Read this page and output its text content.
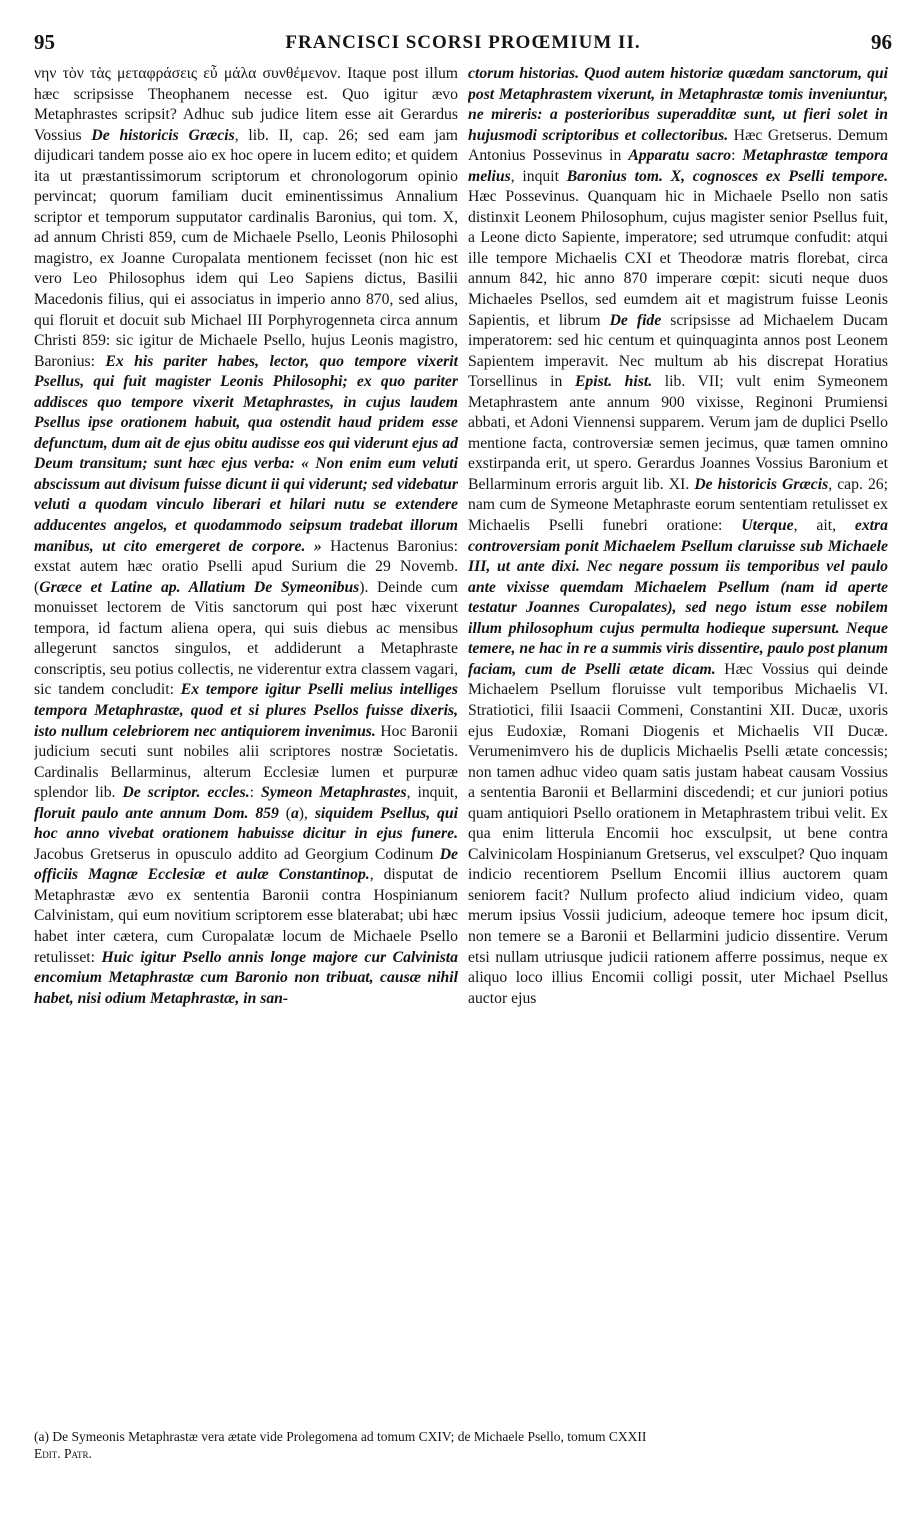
95	FRANCISCI SCORSI PROŒMIUM II.	96

νην τὸν τὰς μεταφράσεις εὖ μάλα συνθέμενον. Itaque post illum hæc scripsisse Theophanem necesse est. Quo igitur ævo Metaphrastes scripsit? Adhuc sub judice litem esse ait Gerardus Vossius De historicis Græcis, lib. II, cap. 26; sed eam jam dijudicari tandem posse aio ex hoc opere in lucem edito; et quidem ita ut præstantissimorum scriptorum et chronologorum opinio pervincat; quorum familiam ducit eminentissimus Annalium scriptor et temporum supputator cardinalis Baronius, qui tom. X, ad annum Christi 859, cum de Michaele Psello, Leonis Philosophi magistro, ex Joanne Curopalata mentionem fecisset (non hic est vero Leo Philosophus idem qui Leo Sapiens dictus, Basilii Macedonis filius, qui ei associatus in imperio anno 870, sed alius, qui floruit et docuit sub Michael III Porphyrogenneta circa annum Christi 859: sic igitur de Michaele Psello, hujus Leonis magistro, Baronius: Ex his pariter habes, lector, quo tempore vixerit Psellus, qui fuit magister Leonis Philosophi; ex quo pariter addisces quo tempore vixerit Metaphrastes, in cujus laudem Psellus ipse orationem habuit, qua ostendit haud pridem esse defunctum, dum ait de ejus obitu audisse eos qui viderunt ejus ad Deum transitum; sunt hæc ejus verba: « Non enim eum veluti abscissum aut divisum fuisse dicunt ii qui viderunt; sed videbatur veluti a quodam vinculo liberari et hilari nutu se extendere adducentes angelos, et quodammodo seipsum tradebat illorum manibus, ut cito emergeret de corpore. » Hactenus Baronius: exstat autem hæc oratio Pselli apud Surium die 29 Novemb. (Græce et Latine ap. Allatium De Symeonibus). Deinde cum monuisset lectorem de Vitis sanctorum qui post hæc vixerunt tempora, id factum aliena opera, qui suis diebus ac mensibus allegerunt sanctos singulos, et addiderunt a Metaphraste conscriptis, seu potius collectis, ne viderentur extra classem vagari, sic tandem concludit: Ex tempore igitur Pselli melius intelliges tempora Metaphrastæ, quod et si plures Psellos fuisse dixeris, isto nullum celebriorem nec antiquiorem invenimus. Hoc Baronii judicium secuti sunt nobiles alii scriptores nostræ Societatis. Cardinalis Bellarminus, alterum Ecclesiæ lumen et purpuræ splendor lib. De scriptor. eccles.: Symeon Metaphrastes, inquit, floruit paulo ante annum Dom. 859 (a), siquidem Psellus, qui hoc anno vivebat orationem habuisse dicitur in ejus funere. Jacobus Gretserus in opusculo addito ad Georgium Codinum De officiis Magnæ Ecclesiæ et aulæ Constantinop., disputat de Metaphrastæ ævo ex sententia Baronii contra Hospinianum Calvinistam, qui eum novitium scriptorem esse blaterabat; ubi hæc habet inter cætera, cum Curopalatæ locum de Michaele Psello retulisset: Huic igitur Psello annis longe majore cur Calvinista encomium Metaphrastæ cum Baronio non tribuat, causæ nihil habet, nisi odium Metaphrastæ, in san-

ctorum historias. Quod autem historiæ quædam sanctorum, qui post Metaphrastem vixerunt, in Metaphrastæ tomis inveniuntur, ne mireris: a posterioribus superadditæ sunt, ut fieri solet in hujusmodi scriptoribus et collectoribus. Hæc Gretserus. Demum Antonius Possevinus in Apparatu sacro: Metaphrastæ tempora melius, inquit Baronius tom. X, cognosces ex Pselli tempore. Hæc Possevinus. Quanquam hic in Michaele Psello non satis distinxit Leonem Philosophum, cujus magister senior Psellus fuit, a Leone dicto Sapiente, imperatore; sed utrumque confudit: atqui ille tempore Michaelis CXI et Theodoræ matris florebat, circa annum 842, hic anno 870 imperare cœpit: sicuti neque duos Michaeles Psellos, sed eumdem ait et magistrum fuisse Leonis Sapientis, et librum De fide scripsisse ad Michaelem Ducam imperatorem: sed hic centum et quinquaginta annos post Leonem Sapientem imperavit. Nec multum ab his discrepat Horatius Torsellinus in Epist. hist. lib. VII; vult enim Symeonem Metaphrastem ante annum 900 vixisse, Reginoni Prumiensi abbati, et Adoni Viennensi supparem. Verum jam de duplici Psello mentione facta, controversiæ semen jecimus, quæ tamen omnino exstirpanda erit, ut spero. Gerardus Joannes Vossius Baronium et Bellarminum erroris arguit lib. XI. De historicis Græcis, cap. 26; nam cum de Symeone Metaphraste eorum sententiam retulisset ex Michaelis Pselli funebri oratione: Uterque, ait, extra controversiam ponit Michaelem Psellum claruisse sub Michaele III, ut ante dixi. Nec negare possum iis temporibus vel paulo ante vixisse quemdam Michaelem Psellum (nam id aperte testatur Joannes Curopalates), sed nego istum esse nobilem illum philosophum cujus permulta hodieque supersunt. Neque temere, ne hac in re a summis viris dissentire, paulo post planum faciam, cum de Pselli ætate dicam. Hæc Vossius qui deinde Michaelem Psellum floruisse vult temporibus Michaelis VI. Stratiotici, filii Isaacii Commeni, Constantini XII. Ducæ, uxoris ejus Eudoxiæ, Romani Diogenis et Michaelis VII Ducæ. Verumenimvero his de duplicis Michaelis Pselli ætate concessis; non tamen adhuc video quam satis justam habeat causam Vossius a sententia Baronii et Bellarmini discedendi; et cur juniori potius quam antiquiori Psello orationem in Metaphrastem tribui velit. Ex qua enim litterula Encomii hoc exsculpsit, ut bene contra Calvinicolam Hospinianum Gretserus, vel exsculpet? Quo inquam indicio recentiorem Psellum Encomii illius auctorem quam seniorem facit? Nullum profecto aliud indicium video, quam merum ipsius Vossii judicium, adeoque temere hoc ipsum dicit, non temere se a Baronii et Bellarmini judicio dissentire. Verum etsi nullam utriusque judicii rationem afferre possimus, neque ex aliquo loco illius Encomii colligi possit, uter Michael Psellus auctor ejus

(a) De Symeonis Metaphrastæ vera ætate vide Prolegomena ad tomum CXIV; de Michaele Psello, tomum CXXII
Edit. Patr.
